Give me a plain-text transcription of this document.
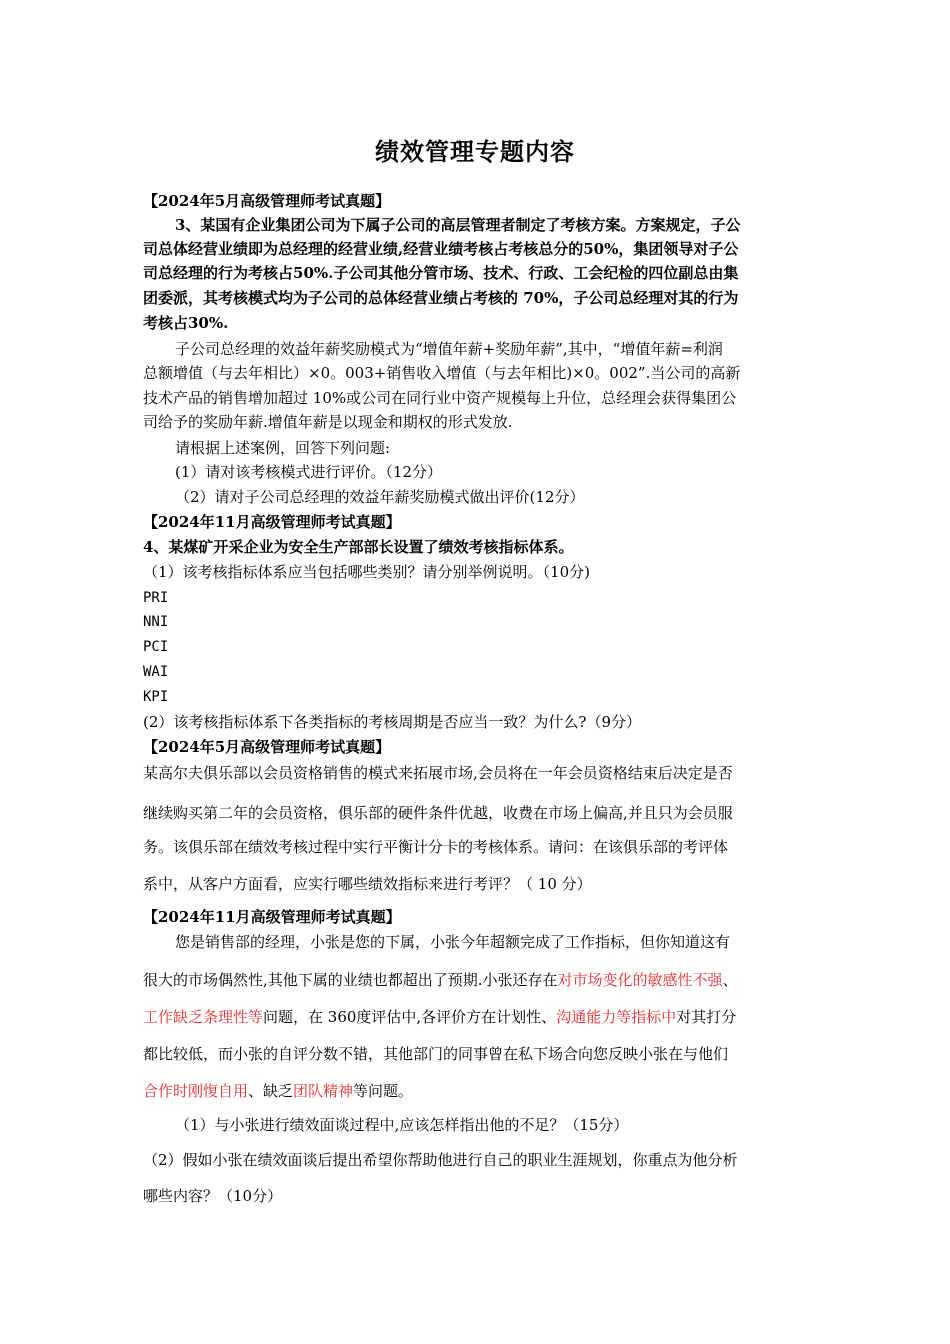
绩效管理专题内容
【2024年5月高级管理师考试真题】
3、某国有企业集团公司为下属子公司的高层管理者制定了考核方案。方案规定，子公
司总体经营业绩即为总经理的经营业绩,经营业绩考核占考核总分的50%，集团领导对子公
司总经理的行为考核占50%.子公司其他分管市场、技术、行政、工会纪检的四位副总由集
团委派，其考核模式均为子公司的总体经营业绩占考核的 70%，子公司总经理对其的行为
考核占30%.
子公司总经理的效益年薪奖励模式为“增值年薪+奖励年薪”,其中，“增值年薪=利润
总额增值（与去年相比）×0。003+销售收入增值（与去年相比)×0。002”.当公司的高新
技术产品的销售增加超过 10%或公司在同行业中资产规模每上升位，总经理会获得集团公
司给予的奖励年薪.增值年薪是以现金和期权的形式发放.
请根据上述案例，回答下列问题:
(1）请对该考核模式进行评价。（12分）
（2）请对子公司总经理的效益年薪奖励模式做出评价(12分）
【2024年11月高级管理师考试真题】
4、某煤矿开采企业为安全生产部部长设置了绩效考核指标体系。
（1）该考核指标体系应当包括哪些类别？请分别举例说明。（10分)
PRI
NNI
PCI
WAI
KPI
(2）该考核指标体系下各类指标的考核周期是否应当一致？为什么?（9分）
【2024年5月高级管理师考试真题】
某高尔夫俱乐部以会员资格销售的模式来拓展市场,会员将在一年会员资格结束后决定是否
继续购买第二年的会员资格，俱乐部的硬件条件优越，收费在市场上偏高,并且只为会员服
务。该俱乐部在绩效考核过程中实行平衡计分卡的考核体系。请问：在该俱乐部的考评体
系中，从客户方面看，应实行哪些绩效指标来进行考评？（ 10 分）
【2024年11月高级管理师考试真题】
您是销售部的经理，小张是您的下属，小张今年超额完成了工作指标，但你知道这有
很大的市场偶然性,其他下属的业绩也都超出了预期.小张还存在对市场变化的敏感性不强、
工作缺乏条理性等问题，在 360度评估中,各评价方在计划性、沟通能力等指标中对其打分
都比较低，而小张的自评分数不错，其他部门的同事曾在私下场合向您反映小张在与他们
合作时刚愎自用、缺乏团队精神等问题。
（1）与小张进行绩效面谈过程中,应该怎样指出他的不足？（15分）
（2）假如小张在绩效面谈后提出希望你帮助他进行自己的职业生涯规划，你重点为他分析
哪些内容？（10分）
